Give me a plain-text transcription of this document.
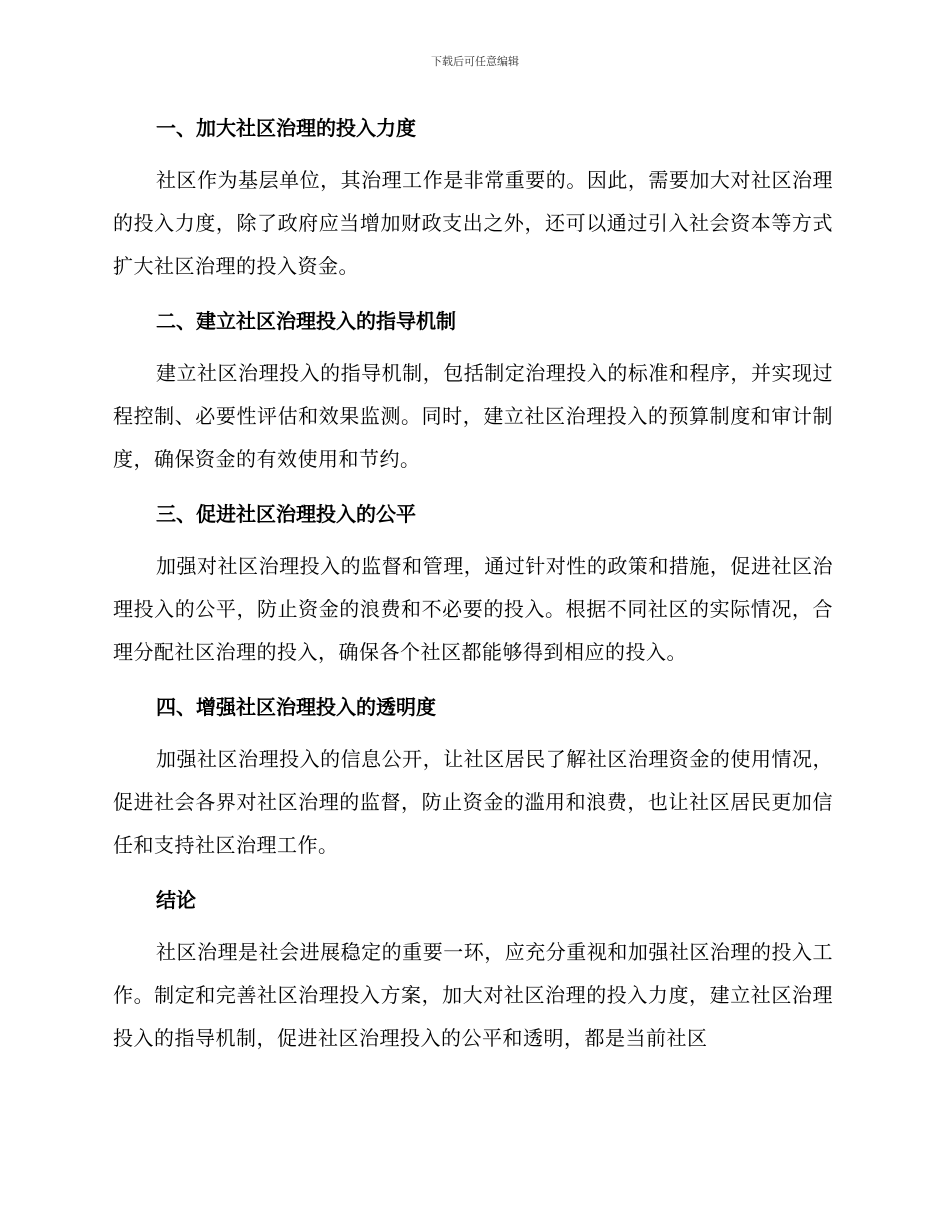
下载后可任意编辑
一、加大社区治理的投入力度

社区作为基层单位，其治理工作是非常重要的。因此，需要加大对社区治理的投入力度，除了政府应当增加财政支出之外，还可以通过引入社会资本等方式扩大社区治理的投入资金。

二、建立社区治理投入的指导机制

建立社区治理投入的指导机制，包括制定治理投入的标准和程序，并实现过程控制、必要性评估和效果监测。同时，建立社区治理投入的预算制度和审计制度，确保资金的有效使用和节约。

三、促进社区治理投入的公平

加强对社区治理投入的监督和管理，通过针对性的政策和措施，促进社区治理投入的公平，防止资金的浪费和不必要的投入。根据不同社区的实际情况，合理分配社区治理的投入，确保各个社区都能够得到相应的投入。

四、增强社区治理投入的透明度

加强社区治理投入的信息公开，让社区居民了解社区治理资金的使用情况，促进社会各界对社区治理的监督，防止资金的滥用和浪费，也让社区居民更加信任和支持社区治理工作。

结论

社区治理是社会进展稳定的重要一环，应充分重视和加强社区治理的投入工作。制定和完善社区治理投入方案，加大对社区治理的投入力度，建立社区治理投入的指导机制，促进社区治理投入的公平和透明，都是当前社区
